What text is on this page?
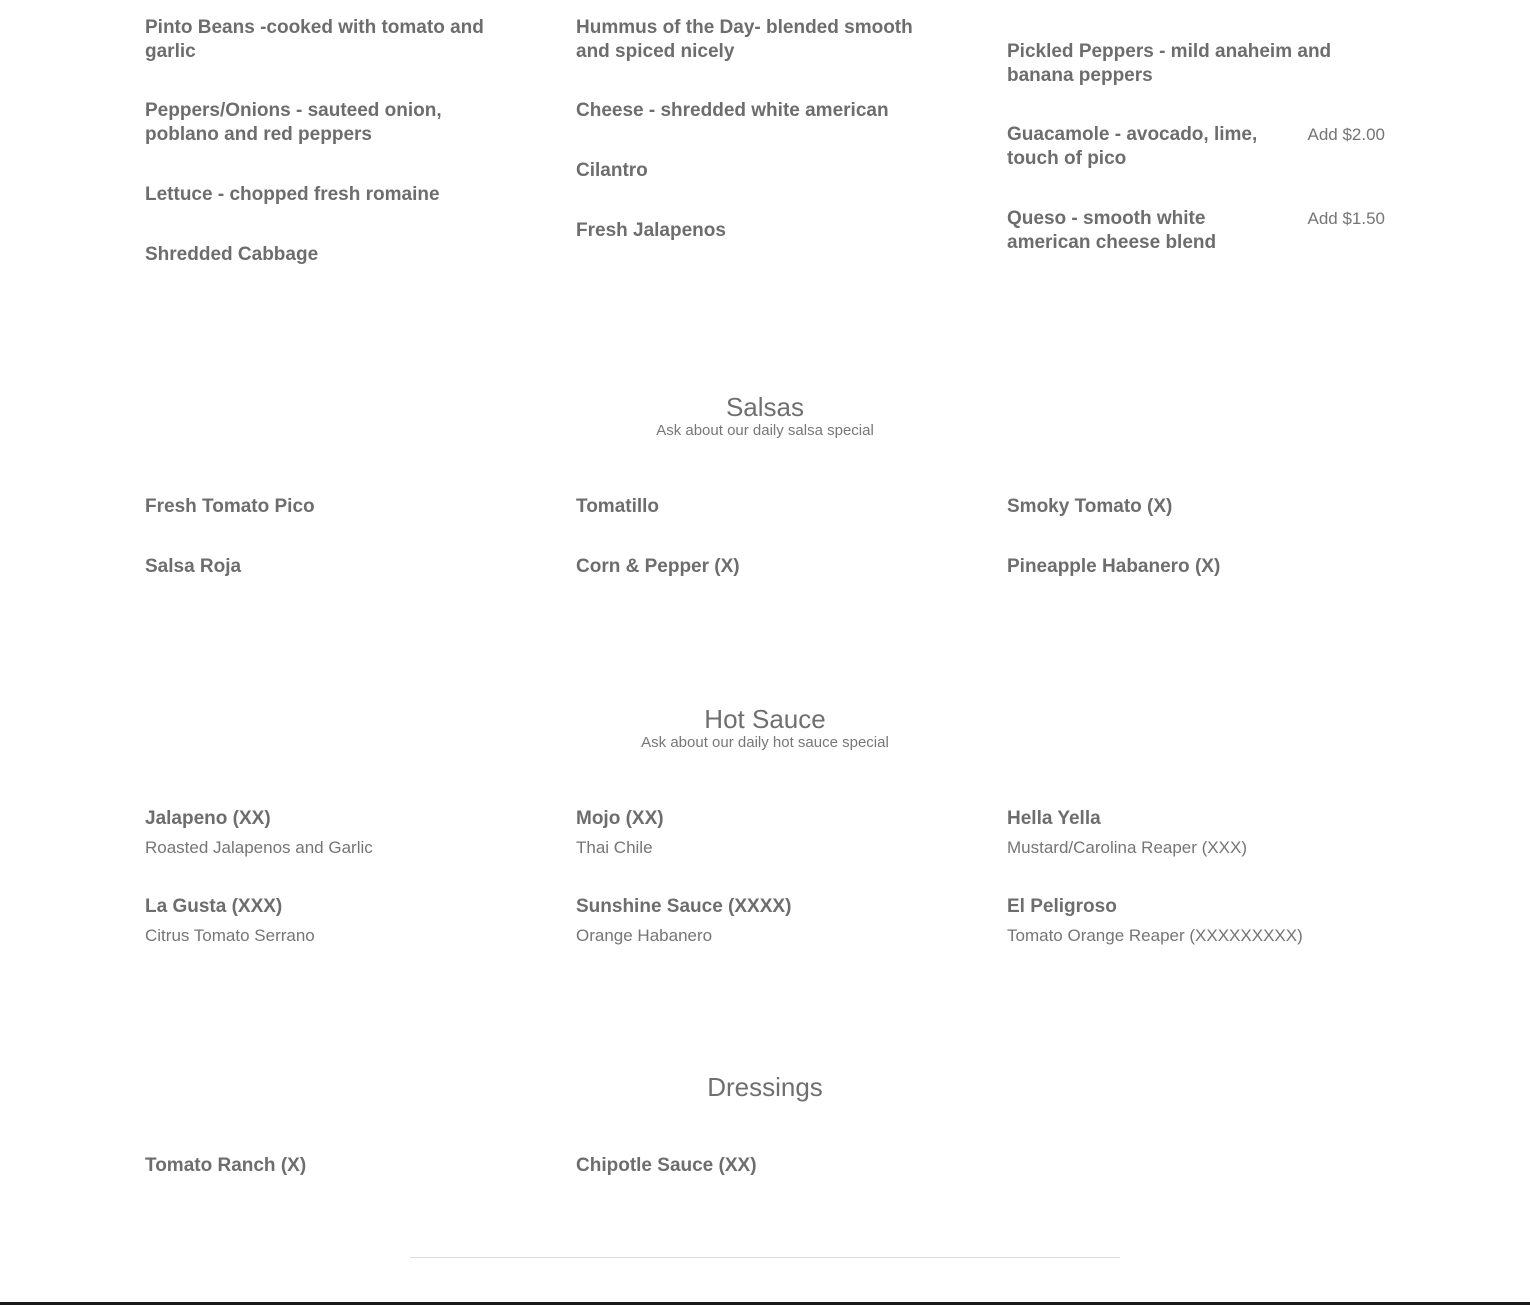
Pinto Beans -cooked with tomato and garlic

Peppers/Onions - sauteed onion, poblano and red peppers

Lettuce - chopped fresh romaine

Shredded Cabbage

Hummus of the Day- blended smooth and spiced nicely

Cheese - shredded white american

Cilantro

Fresh Jalapenos

Pickled Peppers - mild anaheim and banana peppers

Guacamole - avocado, lime, touch of pico

Add $2.00

Queso - smooth white american cheese blend

Add $1.50
Salsas

Ask about our daily salsa special

Fresh Tomato Pico

Salsa Roja

Tomatillo

Corn & Pepper (X)

Smoky Tomato (X)

Pineapple Habanero (X)

Hot Sauce

Ask about our daily hot sauce special

Jalapeno (XX)

Roasted Jalapenos and Garlic

La Gusta (XXX)

Citrus Tomato Serrano

Mojo (XX)

Thai Chile

Sunshine Sauce (XXXX)

Orange Habanero

Hella Yella

Mustard/Carolina Reaper (XXX)

El Peligroso

Tomato Orange Reaper (XXXXXXXXX)

Dressings

Tomato Ranch (X)	Chipotle Sauce (XX)
